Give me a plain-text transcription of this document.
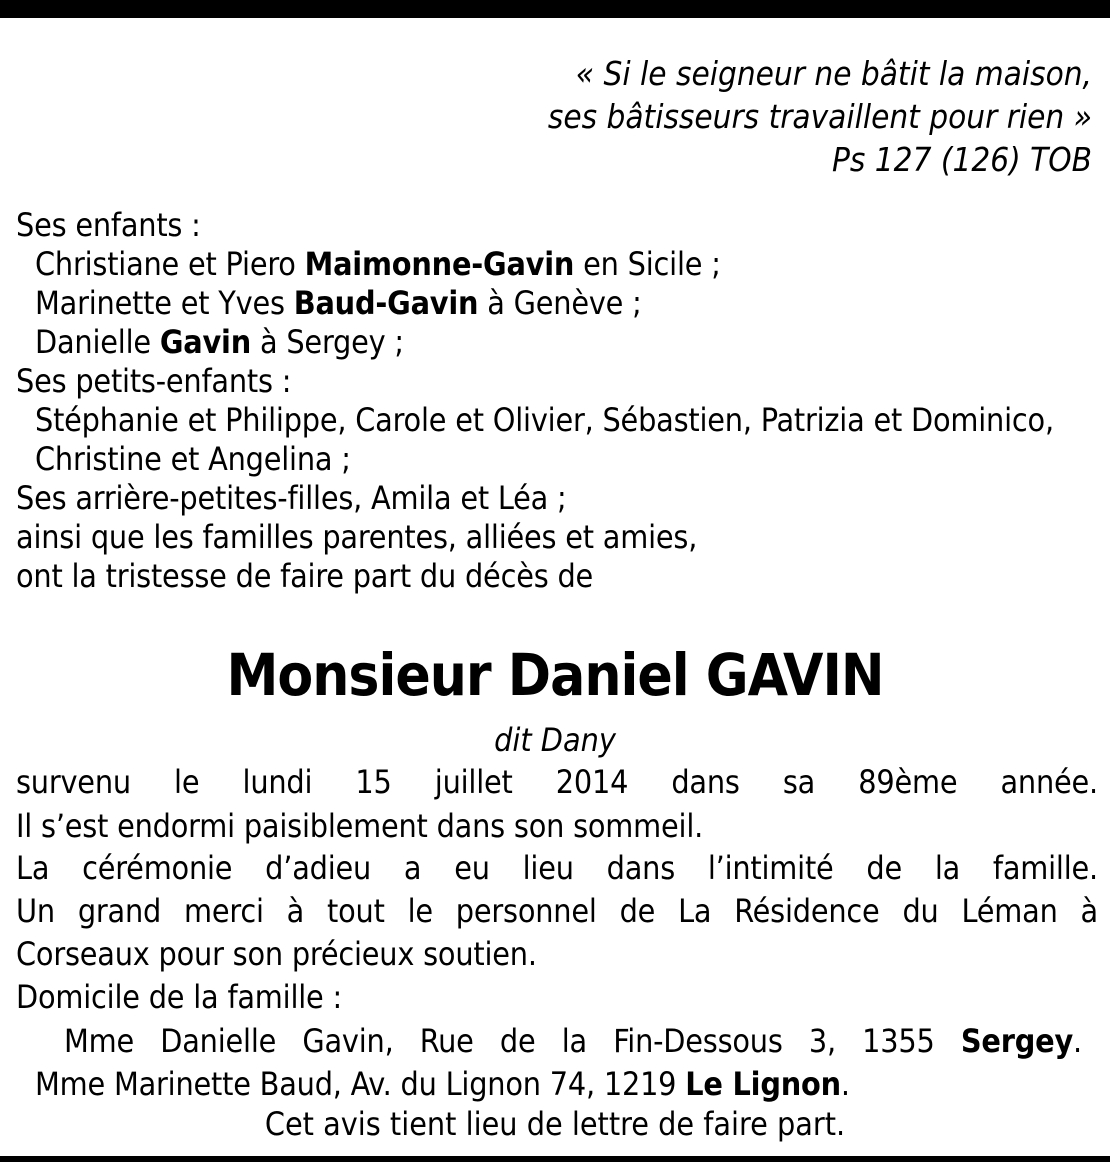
« Si le seigneur ne bâtit la maison,
ses bâtisseurs travaillent pour rien »
Ps 127 (126) TOB
Ses enfants :
Christiane et Piero Maimonne-Gavin en Sicile ;
Marinette et Yves Baud-Gavin à Genève ;
Danielle Gavin à Sergey ;
Ses petits-enfants :
Stéphanie et Philippe, Carole et Olivier, Sébastien, Patrizia et Dominico,
Christine et Angelina ;
Ses arrière-petites-filles, Amila et Léa ;
ainsi que les familles parentes, alliées et amies,
ont la tristesse de faire part du décès de
Monsieur Daniel GAVIN
dit Dany
survenu le lundi 15 juillet 2014 dans sa 89ème année.
Il s’est endormi paisiblement dans son sommeil.
La cérémonie d’adieu a eu lieu dans l’intimité de la famille.
Un grand merci à tout le personnel de La Résidence du Léman à
Corseaux pour son précieux soutien.
Domicile de la famille :
Mme Danielle Gavin, Rue de la Fin-Dessous 3, 1355 Sergey.
Mme Marinette Baud, Av. du Lignon 74, 1219 Le Lignon.
Cet avis tient lieu de lettre de faire part.
